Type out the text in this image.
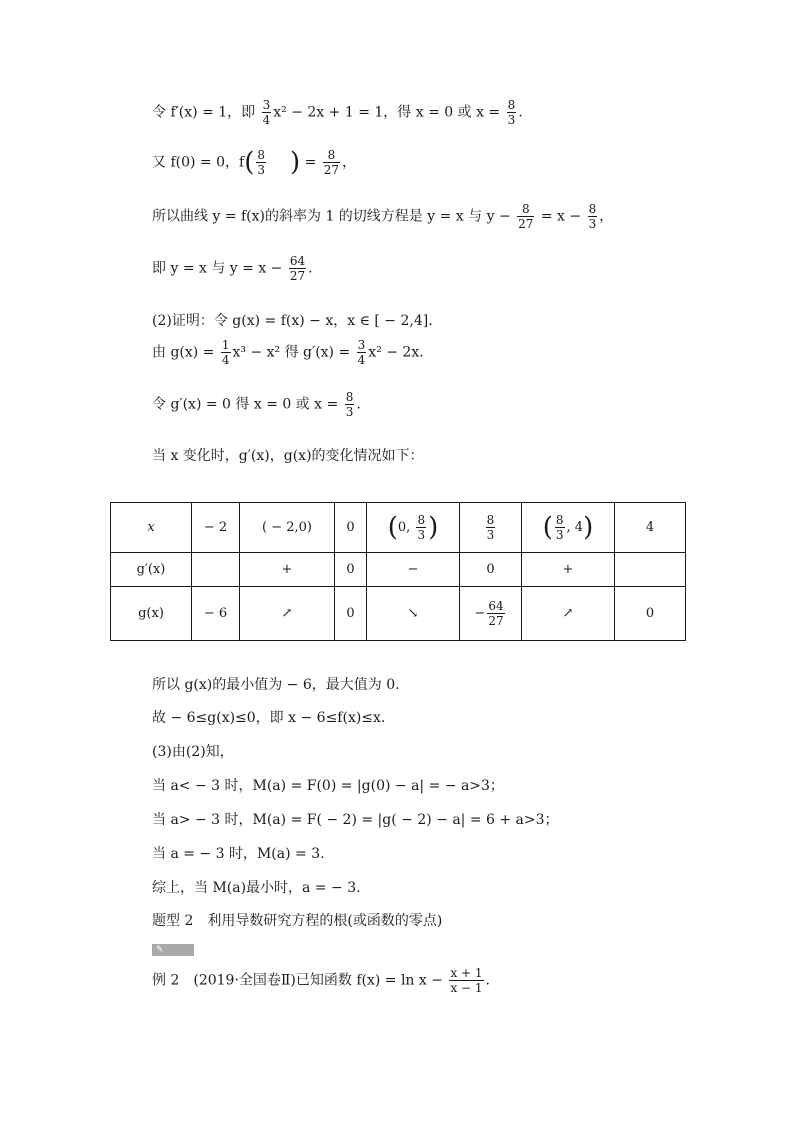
令 f′(x) = 1，即 $\frac{3}{4} x^2 - 2x + 1 = 1$，得 x = 0 或 $x = \frac{8}{3}$ .
又 f(0) = 0，$f( \frac{8}{3}$ ) = $\frac{8}{27}$ ，
所以曲线 y = f(x)的斜率为 1 的切线方程是 y = x 与 $y - \frac{8}{27} = x - \frac{8}{3}$ ，
即 y = x 与 $y = x - \frac{64}{27}$ .
(2)证明：令 g(x) = f(x) − x，x ∈ [ − 2,4].
由 $g(x) = \frac{1}{4} x^3 - x^2$ 得 $g'(x) = \frac{3}{4} x^2 - 2x$.
令 g′(x) = 0 得 x = 0 或 $x = \frac{8}{3}$ .
当 x 变化时，g′(x)，g(x)的变化情况如下：
x	− 2	( − 2,0)	0	(0, $\frac{8}{3}$ )	$\frac{8}{3}$	( $\frac{8}{3}$ , 4)	4
g′(x)		+	0	−	0	+	
g(x)	− 6	↗	0	↘	− $\frac{64}{27}$	↗	0
所以 g(x)的最小值为 − 6，最大值为 0.
故 − 6≤g(x)≤0，即 x − 6≤f(x)≤x.
(3)由(2)知，
当 a< − 3 时，M(a) = F(0) = |g(0) − a| = − a>3；
当 a> − 3 时，M(a) = F( − 2) = |g( − 2) − a| = 6 + a>3；
当 a = − 3 时，M(a) = 3.
综上，当 M(a)最小时，a = − 3.
题型 2　利用导数研究方程的根(或函数的零点)
✎
例 2　(2019·全国卷Ⅱ)已知函数 $f(x) = \ln x - \frac{x + 1}{x - 1}$ .
